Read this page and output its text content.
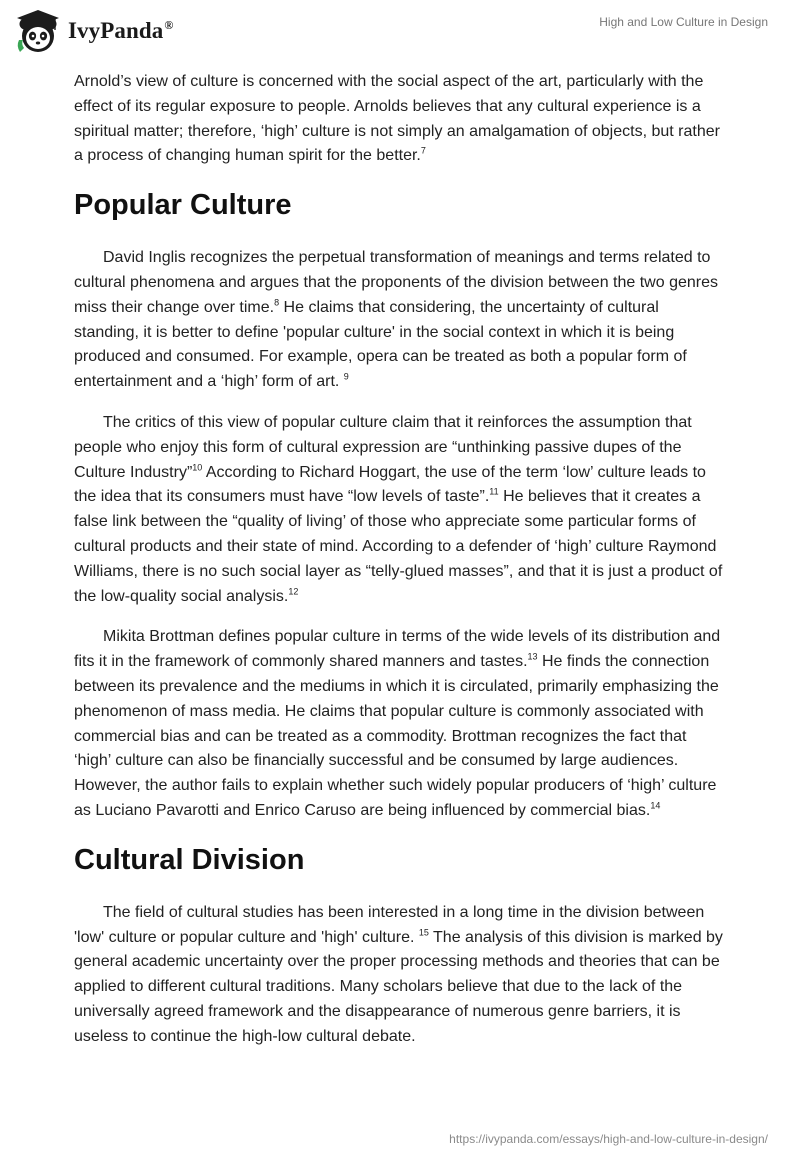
IvyPanda®	High and Low Culture in Design

Arnold’s view of culture is concerned with the social aspect of the art, particularly with the effect of its regular exposure to people. Arnolds believes that any cultural experience is a spiritual matter; therefore, ‘high’ culture is not simply an amalgamation of objects, but rather a process of changing human spirit for the better.$^7$

Popular Culture

David Inglis recognizes the perpetual transformation of meanings and terms related to cultural phenomena and argues that the proponents of the division between the two genres miss their change over time.$^8$ He claims that considering, the uncertainty of cultural standing, it is better to define 'popular culture' in the social context in which it is being produced and consumed. For example, opera can be treated as both a popular form of entertainment and a ‘high’ form of art. $^9$

The critics of this view of popular culture claim that it reinforces the assumption that people who enjoy this form of cultural expression are “unthinking passive dupes of the Culture Industry”$^{10}$ According to Richard Hoggart, the use of the term ‘low’ culture leads to the idea that its consumers must have “low levels of taste”.$^{11}$ He believes that it creates a false link between the “quality of living’ of those who appreciate some particular forms of cultural products and their state of mind. According to a defender of ‘high’ culture Raymond Williams, there is no such social layer as “telly-glued masses”, and that it is just a product of the low-quality social analysis.$^{12}$

Mikita Brottman defines popular culture in terms of the wide levels of its distribution and fits it in the framework of commonly shared manners and tastes.$^{13}$ He finds the connection between its prevalence and the mediums in which it is circulated, primarily emphasizing the phenomenon of mass media. He claims that popular culture is commonly associated with commercial bias and can be treated as a commodity. Brottman recognizes the fact that ‘high’ culture can also be financially successful and be consumed by large audiences. However, the author fails to explain whether such widely popular producers of ‘high’ culture as Luciano Pavarotti and Enrico Caruso are being influenced by commercial bias.$^{14}$

Cultural Division

The field of cultural studies has been interested in a long time in the division between 'low' culture or popular culture and 'high' culture. $^{15}$ The analysis of this division is marked by general academic uncertainty over the proper processing methods and theories that can be applied to different cultural traditions. Many scholars believe that due to the lack of the universally agreed framework and the disappearance of numerous genre barriers, it is useless to continue the high-low cultural debate.

https://ivypanda.com/essays/high-and-low-culture-in-design/
